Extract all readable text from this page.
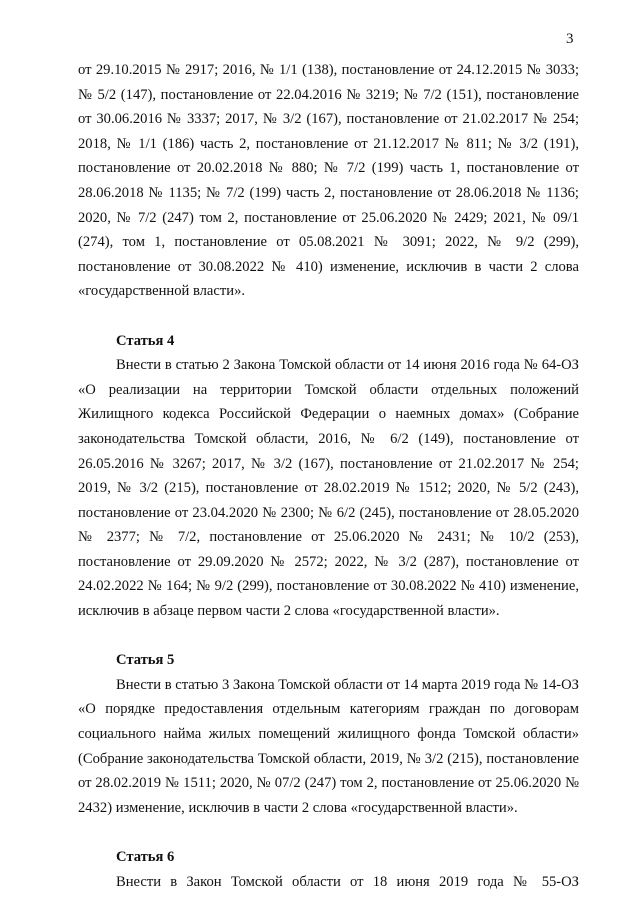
3

от 29.10.2015 № 2917; 2016, № 1/1 (138), постановление от 24.12.2015 № 3033; № 5/2 (147), постановление от 22.04.2016 № 3219; № 7/2 (151), постановление от 30.06.2016 № 3337; 2017, № 3/2 (167), постановление от 21.02.2017 № 254; 2018, № 1/1 (186) часть 2, постановление от 21.12.2017 № 811; № 3/2 (191), постановление от 20.02.2018 № 880; № 7/2 (199) часть 1, постановление от 28.06.2018 № 1135; № 7/2 (199) часть 2, постановление от 28.06.2018 № 1136; 2020, № 7/2 (247) том 2, постановление от 25.06.2020 № 2429; 2021, № 09/1 (274), том 1, постановление от 05.08.2021 № 3091; 2022, № 9/2 (299), постановление от 30.08.2022 № 410) изменение, исключив в части 2 слова «государственной власти».

Статья 4

Внести в статью 2 Закона Томской области от 14 июня 2016 года № 64-ОЗ «О реализации на территории Томской области отдельных положений Жилищного кодекса Российской Федерации о наемных домах» (Собрание законодательства Томской области, 2016, № 6/2 (149), постановление от 26.05.2016 № 3267; 2017, № 3/2 (167), постановление от 21.02.2017 № 254; 2019, № 3/2 (215), постановление от 28.02.2019 № 1512; 2020, № 5/2 (243), постановление от 23.04.2020 № 2300; № 6/2 (245), постановление от 28.05.2020 № 2377; № 7/2, постановление от 25.06.2020 № 2431; № 10/2 (253), постановление от 29.09.2020 № 2572; 2022, № 3/2 (287), постановление от 24.02.2022 № 164; № 9/2 (299), постановление от 30.08.2022 № 410) изменение, исключив в абзаце первом части 2 слова «государственной власти».

Статья 5

Внести в статью 3 Закона Томской области от 14 марта 2019 года № 14-ОЗ «О порядке предоставления отдельным категориям граждан по договорам социального найма жилых помещений жилищного фонда Томской области» (Собрание законодательства Томской области, 2019, № 3/2 (215), постановление от 28.02.2019 № 1511; 2020, № 07/2 (247) том 2, постановление от 25.06.2020 № 2432) изменение, исключив в части 2 слова «государственной власти».

Статья 6

Внести в Закон Томской области от 18 июня 2019 года № 55-ОЗ
